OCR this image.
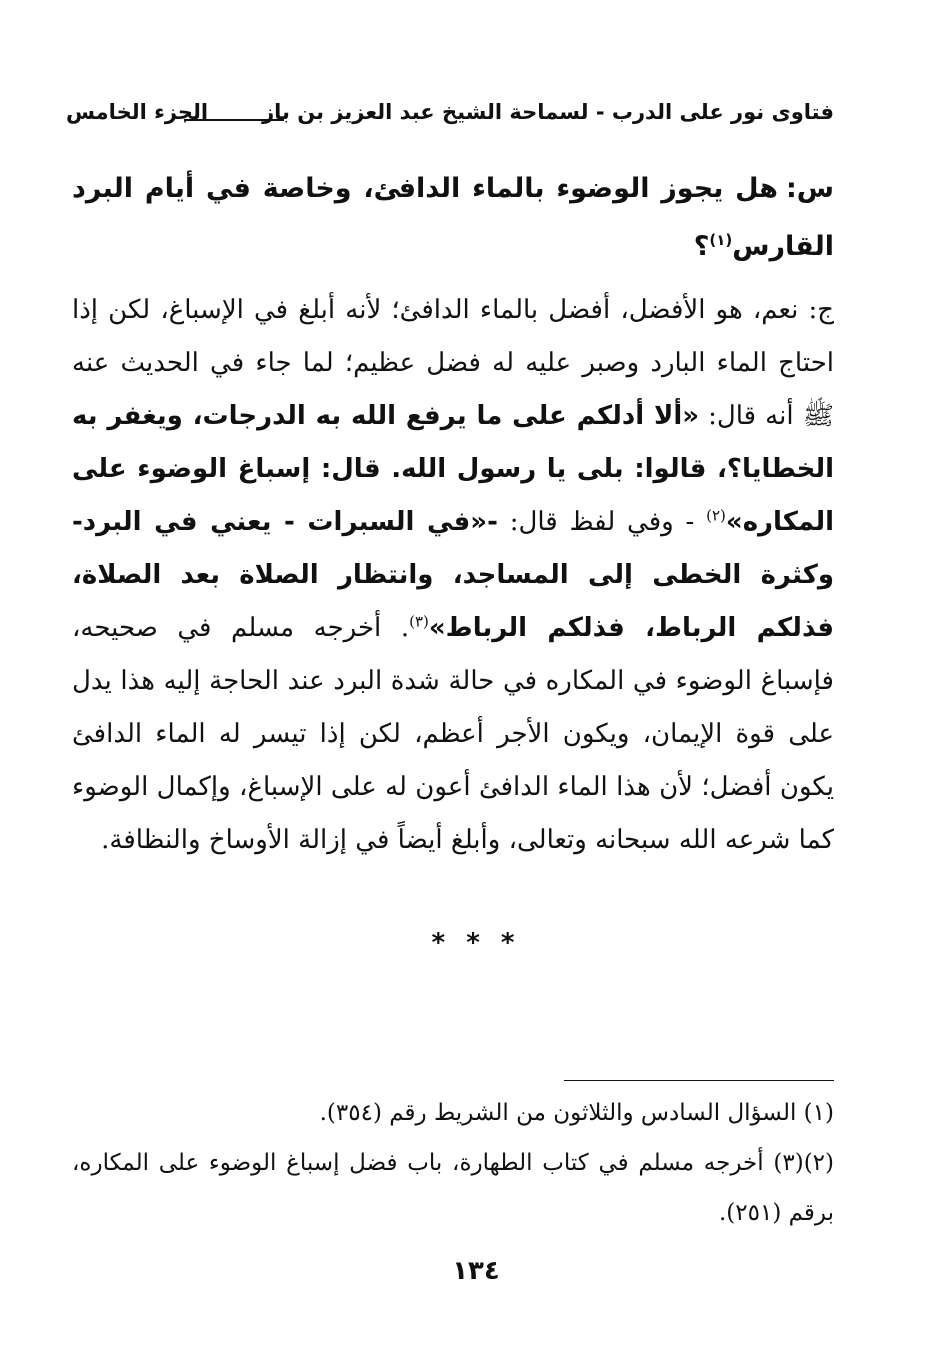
فتاوى نور على الدرب - لسماحة الشيخ عبد العزيز بن باز
الجزء الخامس
س:هل يجوز الوضوء بالماء الدافئ، وخاصة في أيام البرد القارس$^{(١)}$؟
ج: نعم، هو الأفضل، أفضل بالماء الدافئ؛ لأنه أبلغ في الإسباغ، لكن إذا احتاج الماء البارد وصبر عليه له فضل عظيم؛ لما جاء في الحديث عنه ﷺ أنه قال: «ألا أدلكم على ما يرفع الله به الدرجات، ويغفر به الخطايا؟، قالوا: بلى يا رسول الله. قال: إسباغ الوضوء على المكاره»$^{(٢)}$ - وفي لفظ قال: -«في السبرات - يعني في البرد- وكثرة الخطى إلى المساجد، وانتظار الصلاة بعد الصلاة، فذلكم الرباط، فذلكم الرباط»$^{(٣)}$. أخرجه مسلم في صحيحه، فإسباغ الوضوء في المكاره في حالة شدة البرد عند الحاجة إليه هذا يدل على قوة الإيمان، ويكون الأجر أعظم، لكن إذا تيسر له الماء الدافئ يكون أفضل؛ لأن هذا الماء الدافئ أعون له على الإسباغ، وإكمال الوضوء كما شرعه الله سبحانه وتعالى، وأبلغ أيضاً في إزالة الأوساخ والنظافة.
* * *

(١) السؤال السادس والثلاثون من الشريط رقم (٣٥٤).

(٢)(٣) أخرجه مسلم في كتاب الطهارة، باب فضل إسباغ الوضوء على المكاره، برقم (٢٥١).

١٣٤
